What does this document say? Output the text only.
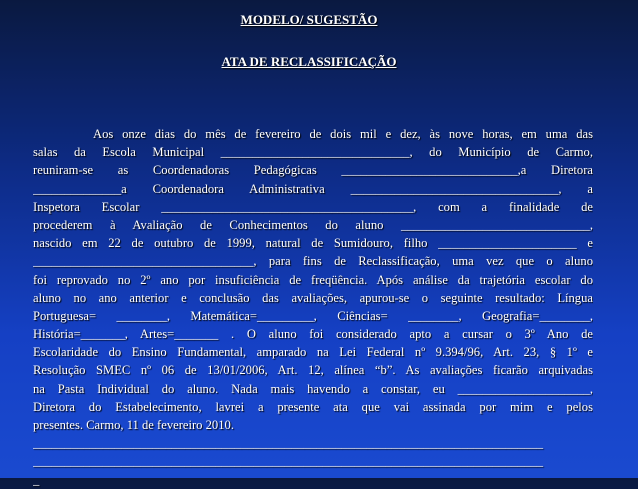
MODELO/ SUGESTÃO
ATA DE RECLASSIFICAÇÃO
Aos onze dias do mês de fevereiro de dois mil e dez, às nove horas, em uma das
salas da Escola Municipal ______________________________, do Município de Carmo,
reuniram-se as Coordenadoras Pedagógicas ____________________________,a Diretora
______________a Coordenadora Administrativa _________________________________, a
Inspetora Escolar ________________________________________, com a finalidade de
procederem à Avaliação de Conhecimentos do aluno ______________________________,
nascido em 22 de outubro de 1999, natural de Sumidouro, filho ______________________ e
___________________________________, para fins de Reclassificação, uma vez que o aluno
foi reprovado no 2º ano por insuficiência de freqüência. Após análise da trajetória escolar do
aluno no ano anterior e conclusão das avaliações, apurou-se o seguinte resultado: Língua
Portuguesa= ________, Matemática=_________, Ciências= ________, Geografia=________,
História=_______, Artes=_______ . O aluno foi considerado apto a cursar o 3º Ano de
Escolaridade do Ensino Fundamental, amparado na Lei Federal nº 9.394/96, Art. 23, § 1º e
Resolução SMEC nº 06 de 13/01/2006, Art. 12, alínea “b”. As avaliações ficarão arquivadas
na Pasta Individual do aluno. Nada mais havendo a constar, eu _____________________,
Diretora do Estabelecimento, lavrei a presente ata que vai assinada por mim e pelos
presentes. Carmo, 11 de fevereiro 2010.
_________________________________________________________________________________
_________________________________________________________________________________
_
